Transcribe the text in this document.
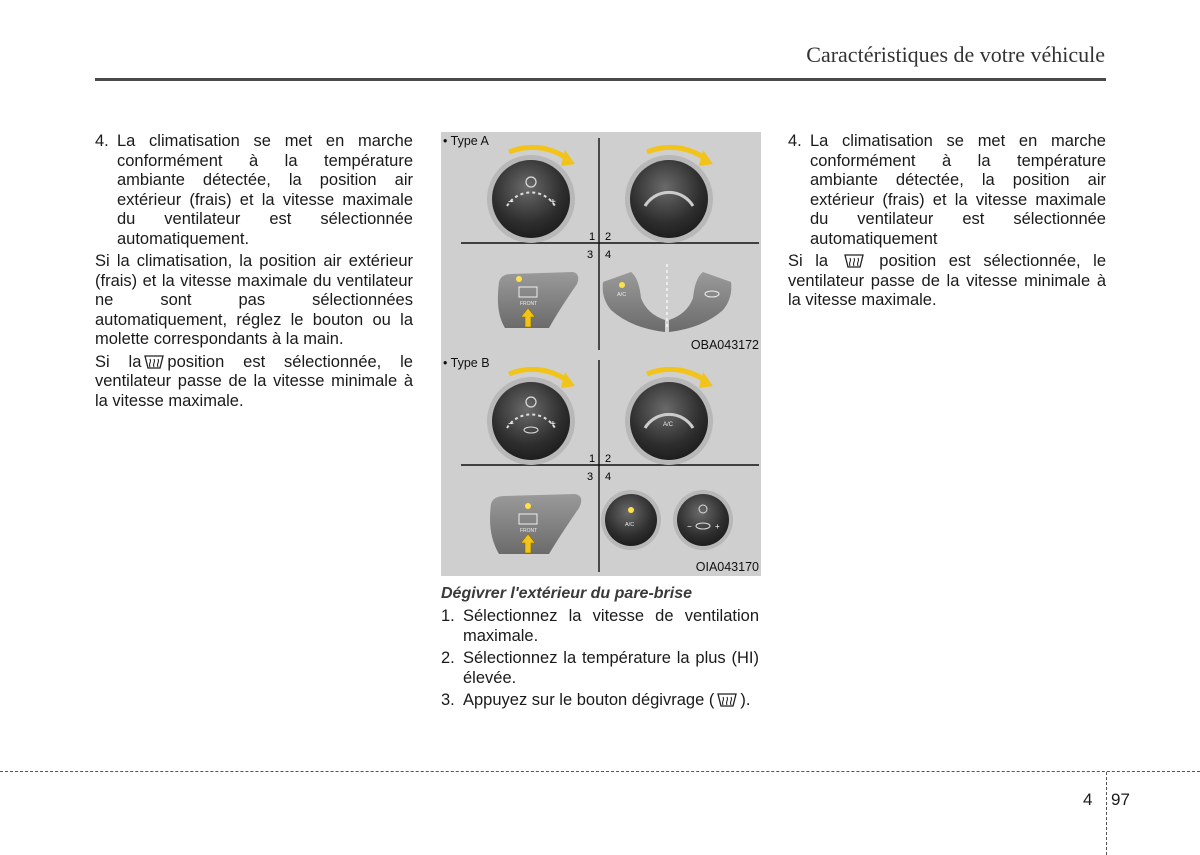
Caractéristiques de votre véhicule
4. La climatisation se met en marche conformément à la température ambiante détectée, la position air extérieur (frais) et la vitesse maximale du ventilateur est sélectionnée automatiquement.

Si la climatisation, la position air extérieur (frais) et la vitesse maximale du ventilateur ne sont pas sélectionnées automatiquement, réglez le bouton ou la molette correspondants à la main.

Si la position est sélectionnée, le ventilateur passe de la vitesse minimale à la vitesse maximale.

−	+
1 2
3 4
FRONT
A/C
• Type A
OBA043172
−	+	A/C
1 2
3 4
FRONT
A/C	−	+
• Type B
OIA043170
Dégivrer l'extérieur du pare-brise
1. Sélectionnez la vitesse de ventilation maximale.
2. Sélectionnez la température la plus (HI) élevée.
3. Appuyez sur le bouton dégivrage ( ).
4. La climatisation se met en marche conformément à la température ambiante détectée, la position air extérieur (frais) et la vitesse maximale du ventilateur est sélectionnée automatiquement

Si la	position est sélectionnée, le ventilateur passe de la vitesse minimale à la vitesse maximale.

4 97
